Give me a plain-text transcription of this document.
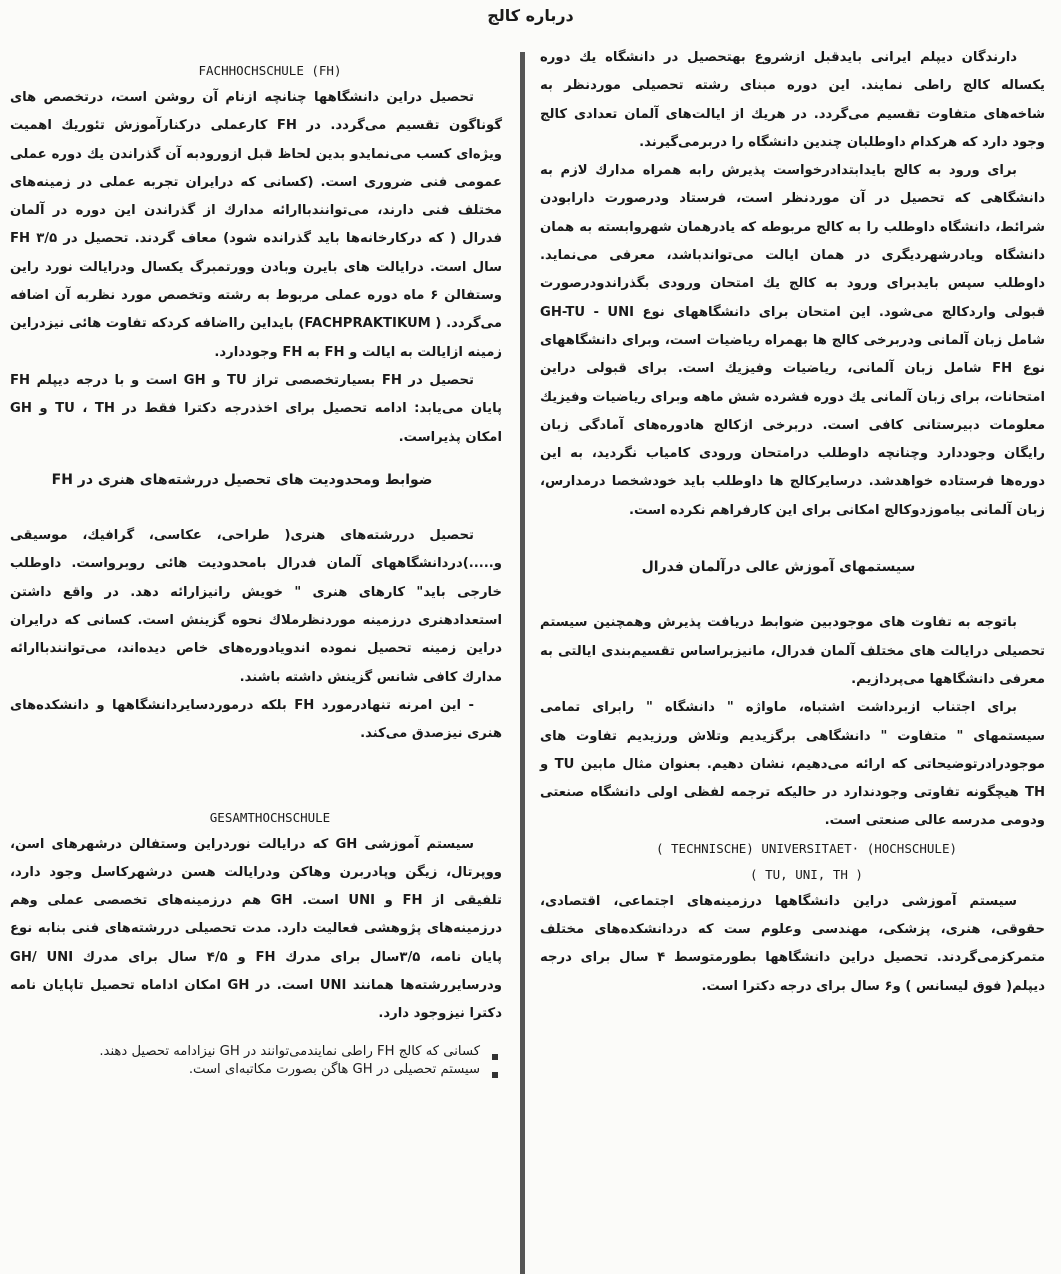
درباره کالج

دارندگان دیپلم ایرانی بایدقبل ازشروع بهتحصیل در دانشگاه یك دوره یکساله کالج راطی نمایند. این دوره مبنای رشته تحصیلی موردنظر به شاخه‌های متفاوت تقسیم می‌گردد. در هریك از ایالت‌های آلمان تعدادی کالج وجود دارد که هرکدام داوطلبان چندین دانشگاه را دربرمی‌گیرند.

برای ورود به کالج بایدابتدادرخواست پذیرش رابه همراه مدارك لازم به دانشگاهی که تحصیل در آن موردنظر است، فرستاد ودرصورت دارابودن شرائط، دانشگاه داوطلب را به کالج مربوطه که یادرهمان شهروابسته به همان دانشگاه ویادرشهردیگری در همان ایالت می‌تواندباشد، معرفی می‌نماید. داوطلب سپس بایدبرای ورود به کالج یك امتحان ورودی بگذراندودرصورت قبولی واردکالج می‌شود. این امتحان برای دانشگاههای نوع GH-TU - UNI شامل زبان آلمانی ودربرخی کالج ها بهمراه ریاضیات است، وبرای دانشگاههای نوع FH شامل زبان آلمانی، ریاضیات وفیزیك است. برای قبولی دراین امتحانات، برای زبان آلمانی یك دوره فشرده شش ماهه وبرای ریاضیات وفیزیك معلومات دبیرستانی کافی است. دربرخی ازکالج هادوره‌های آمادگی زبان رایگان وجوددارد وچنانچه داوطلب درامتحان ورودی کامیاب نگردید، به این دوره‌ها فرستاده خواهدشد. درسایرکالج ها داوطلب باید خودشخصا درمدارس، زبان آلمانی بیاموزدوکالج امکانی برای این کارفراهم نکرده است.

سیستمهای آموزش عالی درآلمان فدرال

باتوجه به تفاوت های موجودبین ضوابط دریافت پذیرش وهمچنین سیستم تحصیلی درایالت های مختلف آلمان فدرال، مانیزبراساس تقسیم‌بندی ایالتی به معرفی دانشگاهها می‌پردازیم.

برای اجتناب ازبرداشت اشتباه، ماواژه " دانشگاه " رابرای تمامی سیستمهای " متفاوت " دانشگاهی برگزیدیم وتلاش ورزیدیم تفاوت های موجودرادرتوضیحاتی که ارائه می‌دهیم، نشان دهیم. بعنوان مثال مابین TU و TH هیچگونه تفاوتی وجودندارد در حالیکه ترجمه لفظی اولی دانشگاه صنعتی ودومی مدرسه عالی صنعتی است.

( TECHNISCHE) UNIVERSITAET· (HOCHSCHULE)

( TU, UNI, TH )

سیستم آموزشی دراین دانشگاهها درزمینه‌های اجتماعی، اقتصادی، حقوقی، هنری، پزشکی، مهندسی وعلوم ست که دردانشکده‌های مختلف متمرکزمی‌گردند. تحصیل دراین دانشگاهها بطورمتوسط ۴ سال برای درجه دیپلم( فوق لیسانس ) و۶ سال برای درجه دکترا است.

FACHHOCHSCHULE (FH)

تحصیل دراین دانشگاهها چنانچه ازنام آن روشن است، درتخصص های گوناگون تقسیم می‌گردد. در FH کارعملی درکنارآموزش تئوریك اهمیت ویژه‌ای کسب می‌نمایدو بدین لحاظ قبل ازورودبه آن گذراندن یك دوره عملی عمومی فنی ضروری است. (کسانی که درایران تجربه عملی در زمینه‌های مختلف فنی دارند، می‌توانندباارائه مدارك از گذراندن این دوره در آلمان فدرال ( که درکارخانه‌ها باید گذرانده شود) معاف گردند. تحصیل در FH ۳/۵ سال است. درایالت های بایرن وبادن وورتمبرگ یکسال ودرایالت نورد راین وستفالن ۶ ماه دوره عملی مربوط به رشته وتخصص مورد نظربه آن اضافه می‌گردد. ( FACHPRAKTIKUM) بایداین رااضافه کردکه تفاوت هائی نیزدراین زمینه ازایالت به ایالت و FH به FH وجوددارد.

تحصیل در FH بسیارتخصصی تراز TU و GH است و با درجه دیپلم FH پایان می‌یابد: ادامه تحصیل برای اخذدرجه دکترا فقط در TU ، TH و GH امکان پذیراست.

ضوابط ومحدودیت های تحصیل دررشته‌های هنری در FH

تحصیل دررشته‌های هنری( طراحی، عکاسی، گرافیك، موسیقی و.....)دردانشگاههای آلمان فدرال بامحدودیت هائی روبرواست. داوطلب خارجی باید" کارهای هنری " خویش رانیزارائه دهد. در واقع داشتن استعدادهنری درزمینه موردنظرملاك نحوه گزینش است. کسانی که درایران دراین زمینه تحصیل نموده اندویادوره‌های خاص دیده‌اند، می‌توانندباارائه مدارك کافی شانس گزینش داشته باشند.

- این امرنه تنهادرمورد FH بلکه درموردسایردانشگاهها و دانشکده‌های هنری نیزصدق می‌کند.

GESAMTHOCHSCHULE

سیستم آموزشی GH که درایالت نوردراین وستفالن درشهرهای اسن، ووپرتال، زیگن وپادربرن وهاکن ودرایالت هسن درشهرکاسل وجود دارد، تلفیقی از FH و UNI است. GH هم درزمینه‌های تخصصی عملی وهم درزمینه‌های پژوهشی فعالیت دارد. مدت تحصیلی دررشته‌های فنی بنابه نوع پایان نامه، ۳/۵سال برای مدرك FH و ۴/۵ سال برای مدرك GH/ UNI ودرسایررشته‌ها همانند UNI است. در GH امکان اداماه تحصیل تاپایان نامه دکترا نیزوجود دارد.

کسانی که کالج FH راطی نمایندمی‌توانند در GH نیزادامه تحصیل دهند.

سیستم تحصیلی در GH هاگن بصورت مکاتبه‌ای است.
